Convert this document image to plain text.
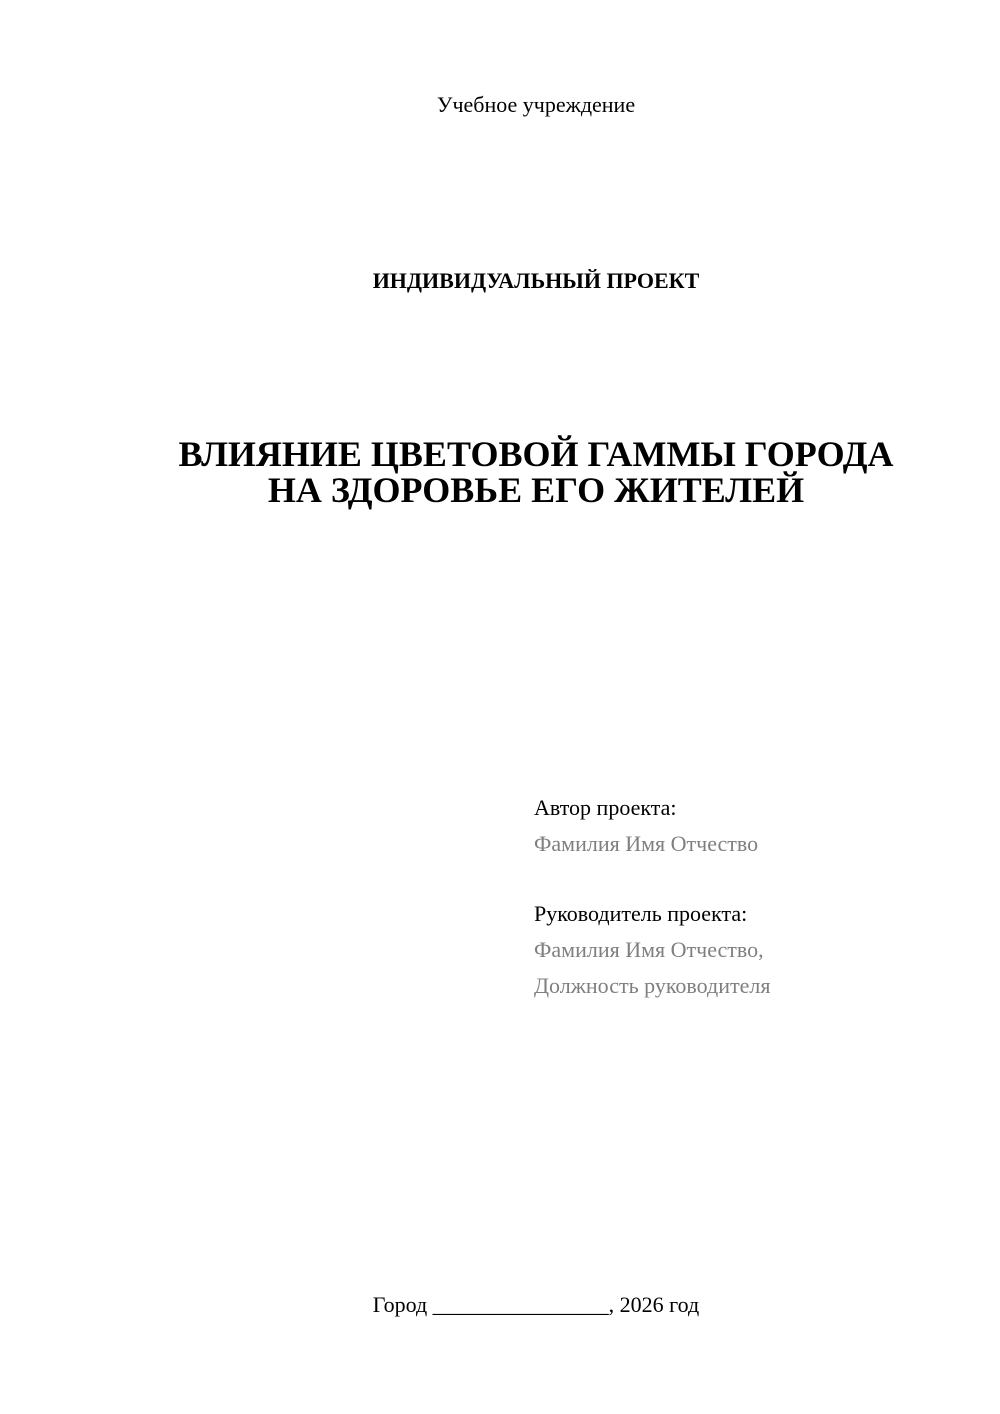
Учебное учреждение
ИНДИВИДУАЛЬНЫЙ ПРОЕКТ
ВЛИЯНИЕ ЦВЕТОВОЙ ГАММЫ ГОРОДА
НА ЗДОРОВЬЕ ЕГО ЖИТЕЛЕЙ
Автор проекта:
Фамилия Имя Отчество
Руководитель проекта:
Фамилия Имя Отчество,
Должность руководителя
Город ________________, 2026 год
